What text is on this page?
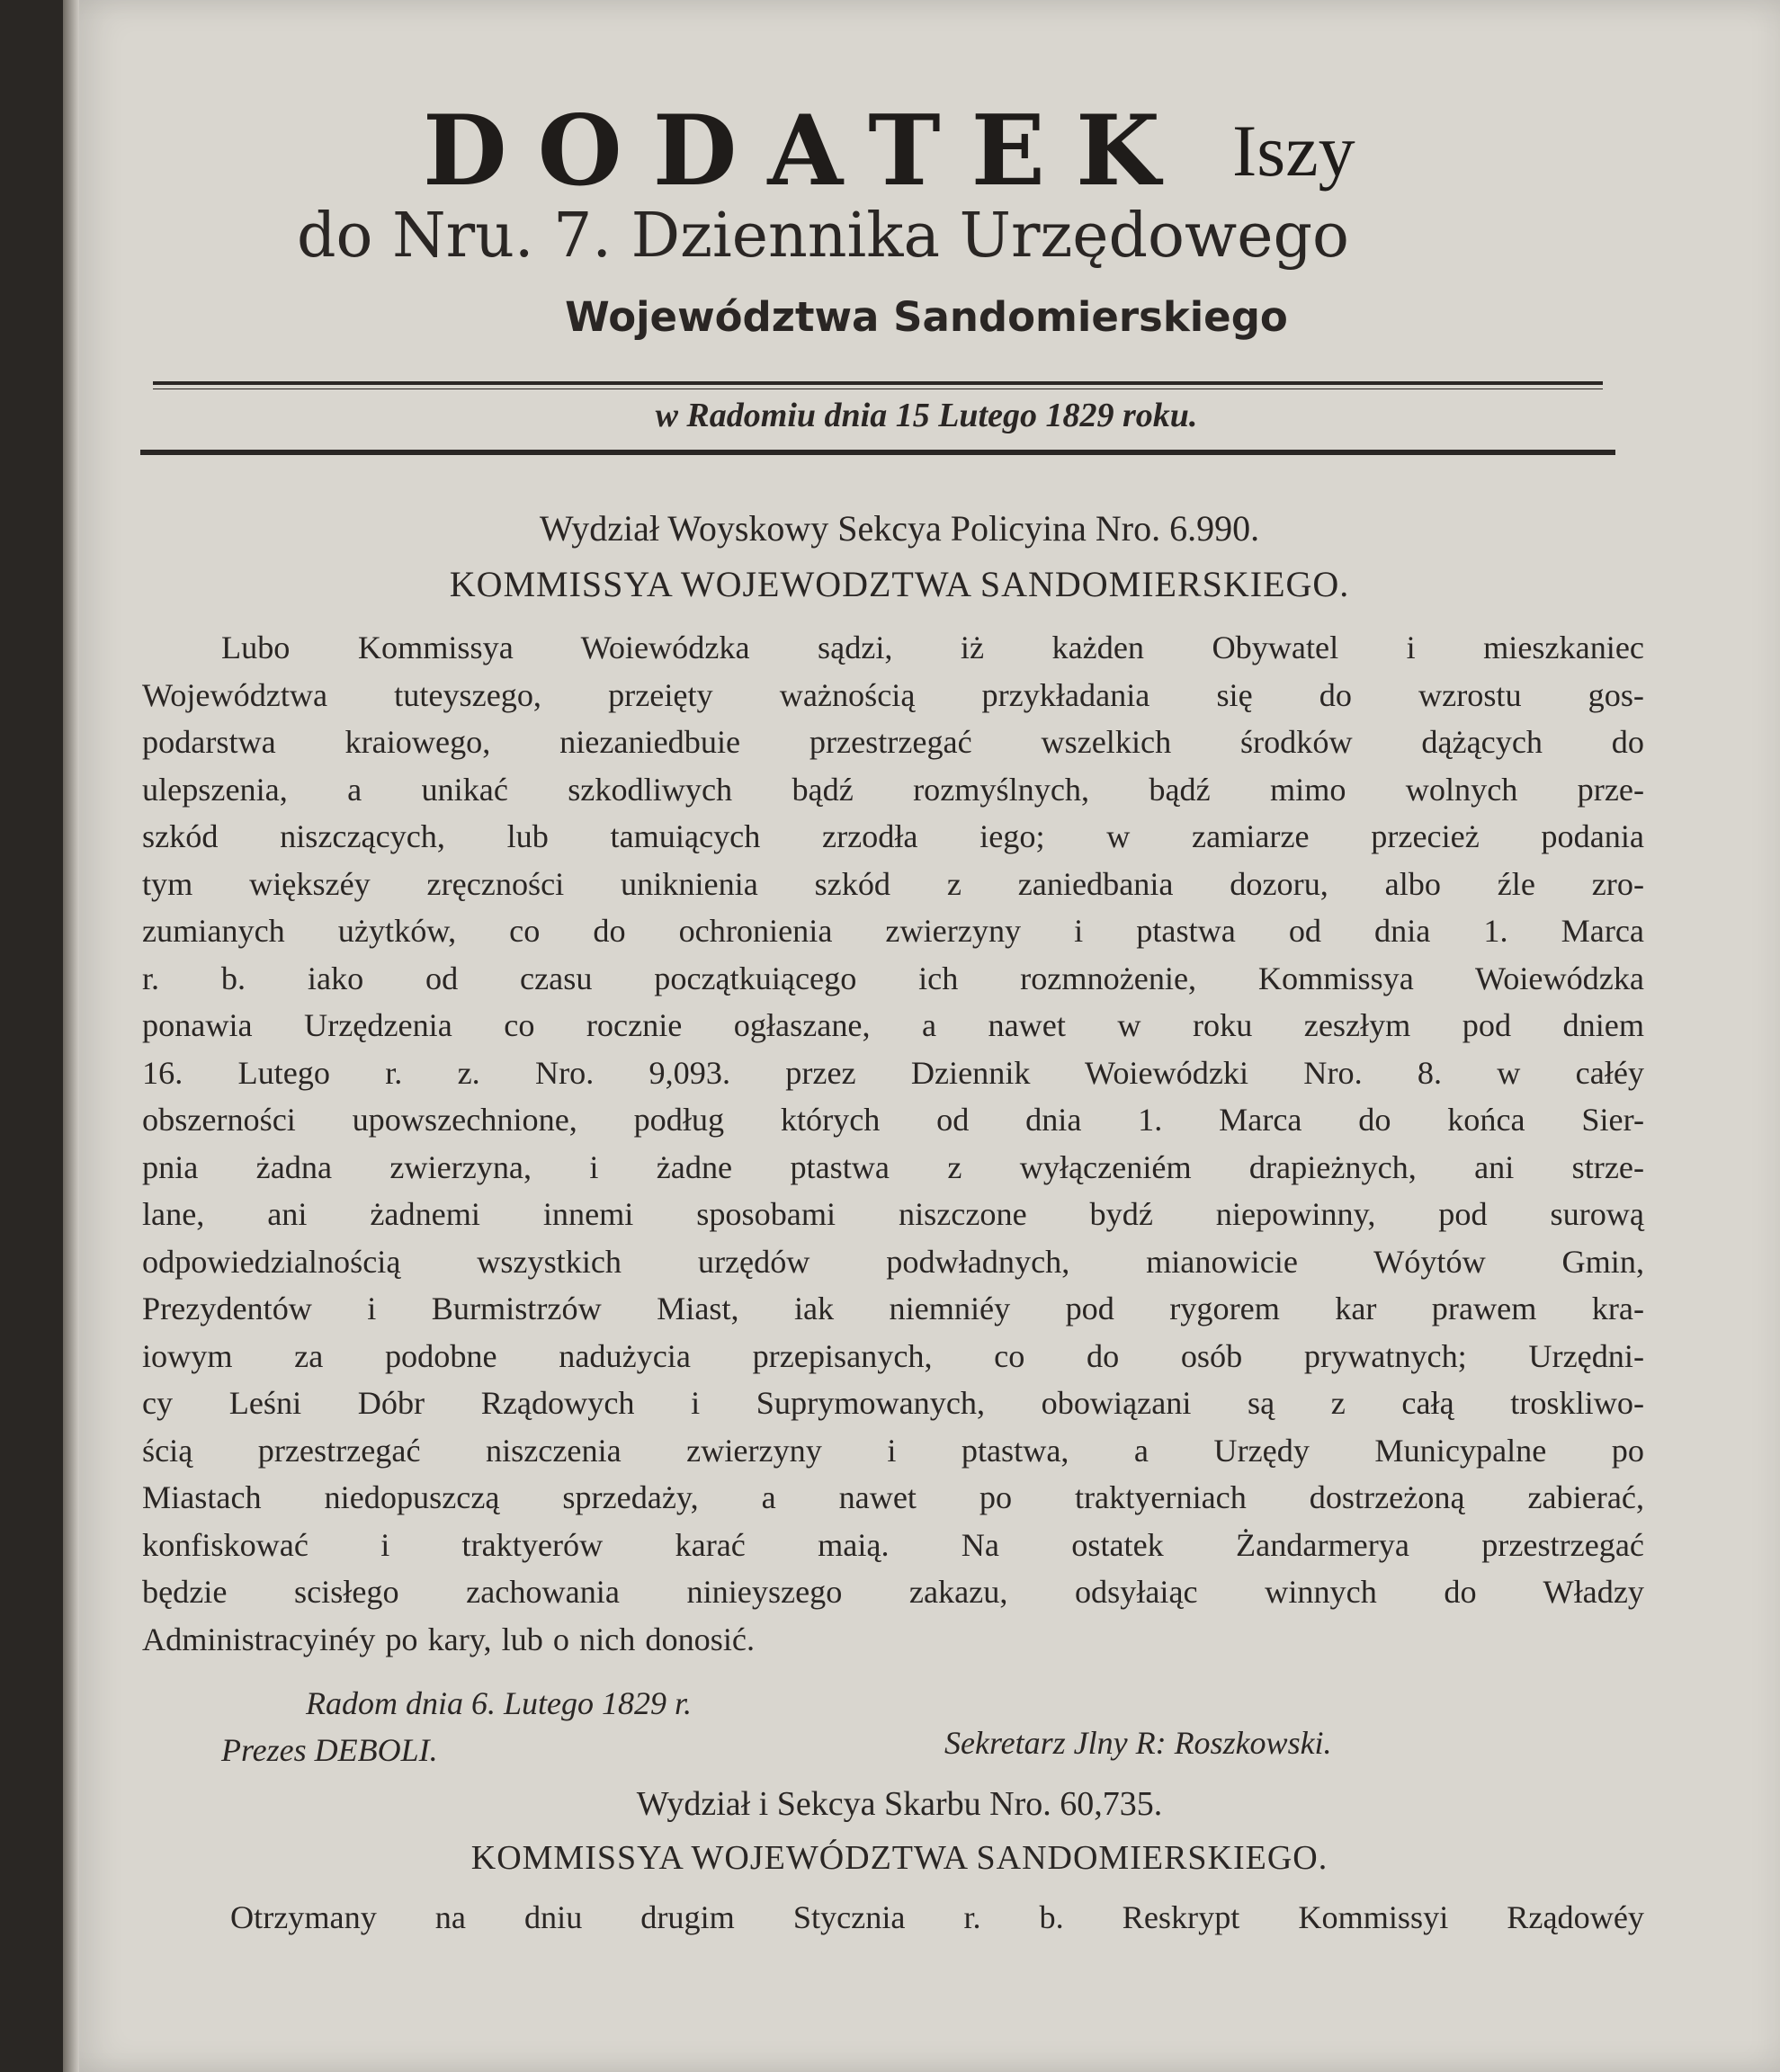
DODATEK Iszy
do Nru. 7. Dziennika Urzędowego
Województwa Sandomierskiego
w Radomiu dnia 15 Lutego 1829 roku.
Wydział Woyskowy Sekcya Policyina Nro. 6.990.
KOMMISSYA WOJEWODZTWA SANDOMIERSKIEGO.
Lubo Kommissya Woiewódzka sądzi, iż każden Obywatel i mieszkaniec
Województwa tuteyszego, przeięty ważnością przykładania się do wzrostu gos-
podarstwa kraiowego, niezaniedbuie przestrzegać wszelkich środków dążących do
ulepszenia, a unikać szkodliwych bądź rozmyślnych, bądź mimo wolnych prze-
szkód niszczących, lub tamuiących zrzodła iego; w zamiarze przecież podania
tym większéy zręczności uniknienia szkód z zaniedbania dozoru, albo źle zro-
zumianych użytków, co do ochronienia zwierzyny i ptastwa od dnia 1. Marca
r. b. iako od czasu początkuiącego ich rozmnożenie, Kommissya Woiewódzka
ponawia Urzędzenia co rocznie ogłaszane, a nawet w roku zeszłym pod dniem
16. Lutego r. z. Nro. 9,093. przez Dziennik Woiewódzki Nro. 8. w całéy
obszerności upowszechnione, podług których od dnia 1. Marca do końca Sier-
pnia żadna zwierzyna, i żadne ptastwa z wyłączeniém drapieżnych, ani strze-
lane, ani żadnemi innemi sposobami niszczone bydź niepowinny, pod surową
odpowiedzialnością wszystkich urzędów podwładnych, mianowicie Wóytów Gmin,
Prezydentów i Burmistrzów Miast, iak niemniéy pod rygorem kar prawem kra-
iowym za podobne nadużycia przepisanych, co do osób prywatnych; Urzędni-
cy Leśni Dóbr Rządowych i Suprymowanych, obowiązani są z całą troskliwo-
ścią przestrzegać niszczenia zwierzyny i ptastwa, a Urzędy Municypalne po
Miastach niedopuszczą sprzedaży, a nawet po traktyerniach dostrzeżoną zabierać,
konfiskować i traktyerów karać maią. Na ostatek Żandarmerya przestrzegać
będzie scisłego zachowania ninieyszego zakazu, odsyłaiąc winnych do Władzy
Administracyinéy po kary, lub o nich donosić.
Radom dnia 6. Lutego 1829 r.
Prezes DEBOLI.	Sekretarz Jlny R: Roszkowski.
Wydział i Sekcya Skarbu Nro. 60,735.
KOMMISSYA WOJEWÓDZTWA SANDOMIERSKIEGO.
Otrzymany na dniu drugim Stycznia r. b. Reskrypt Kommissyi Rządowéy
